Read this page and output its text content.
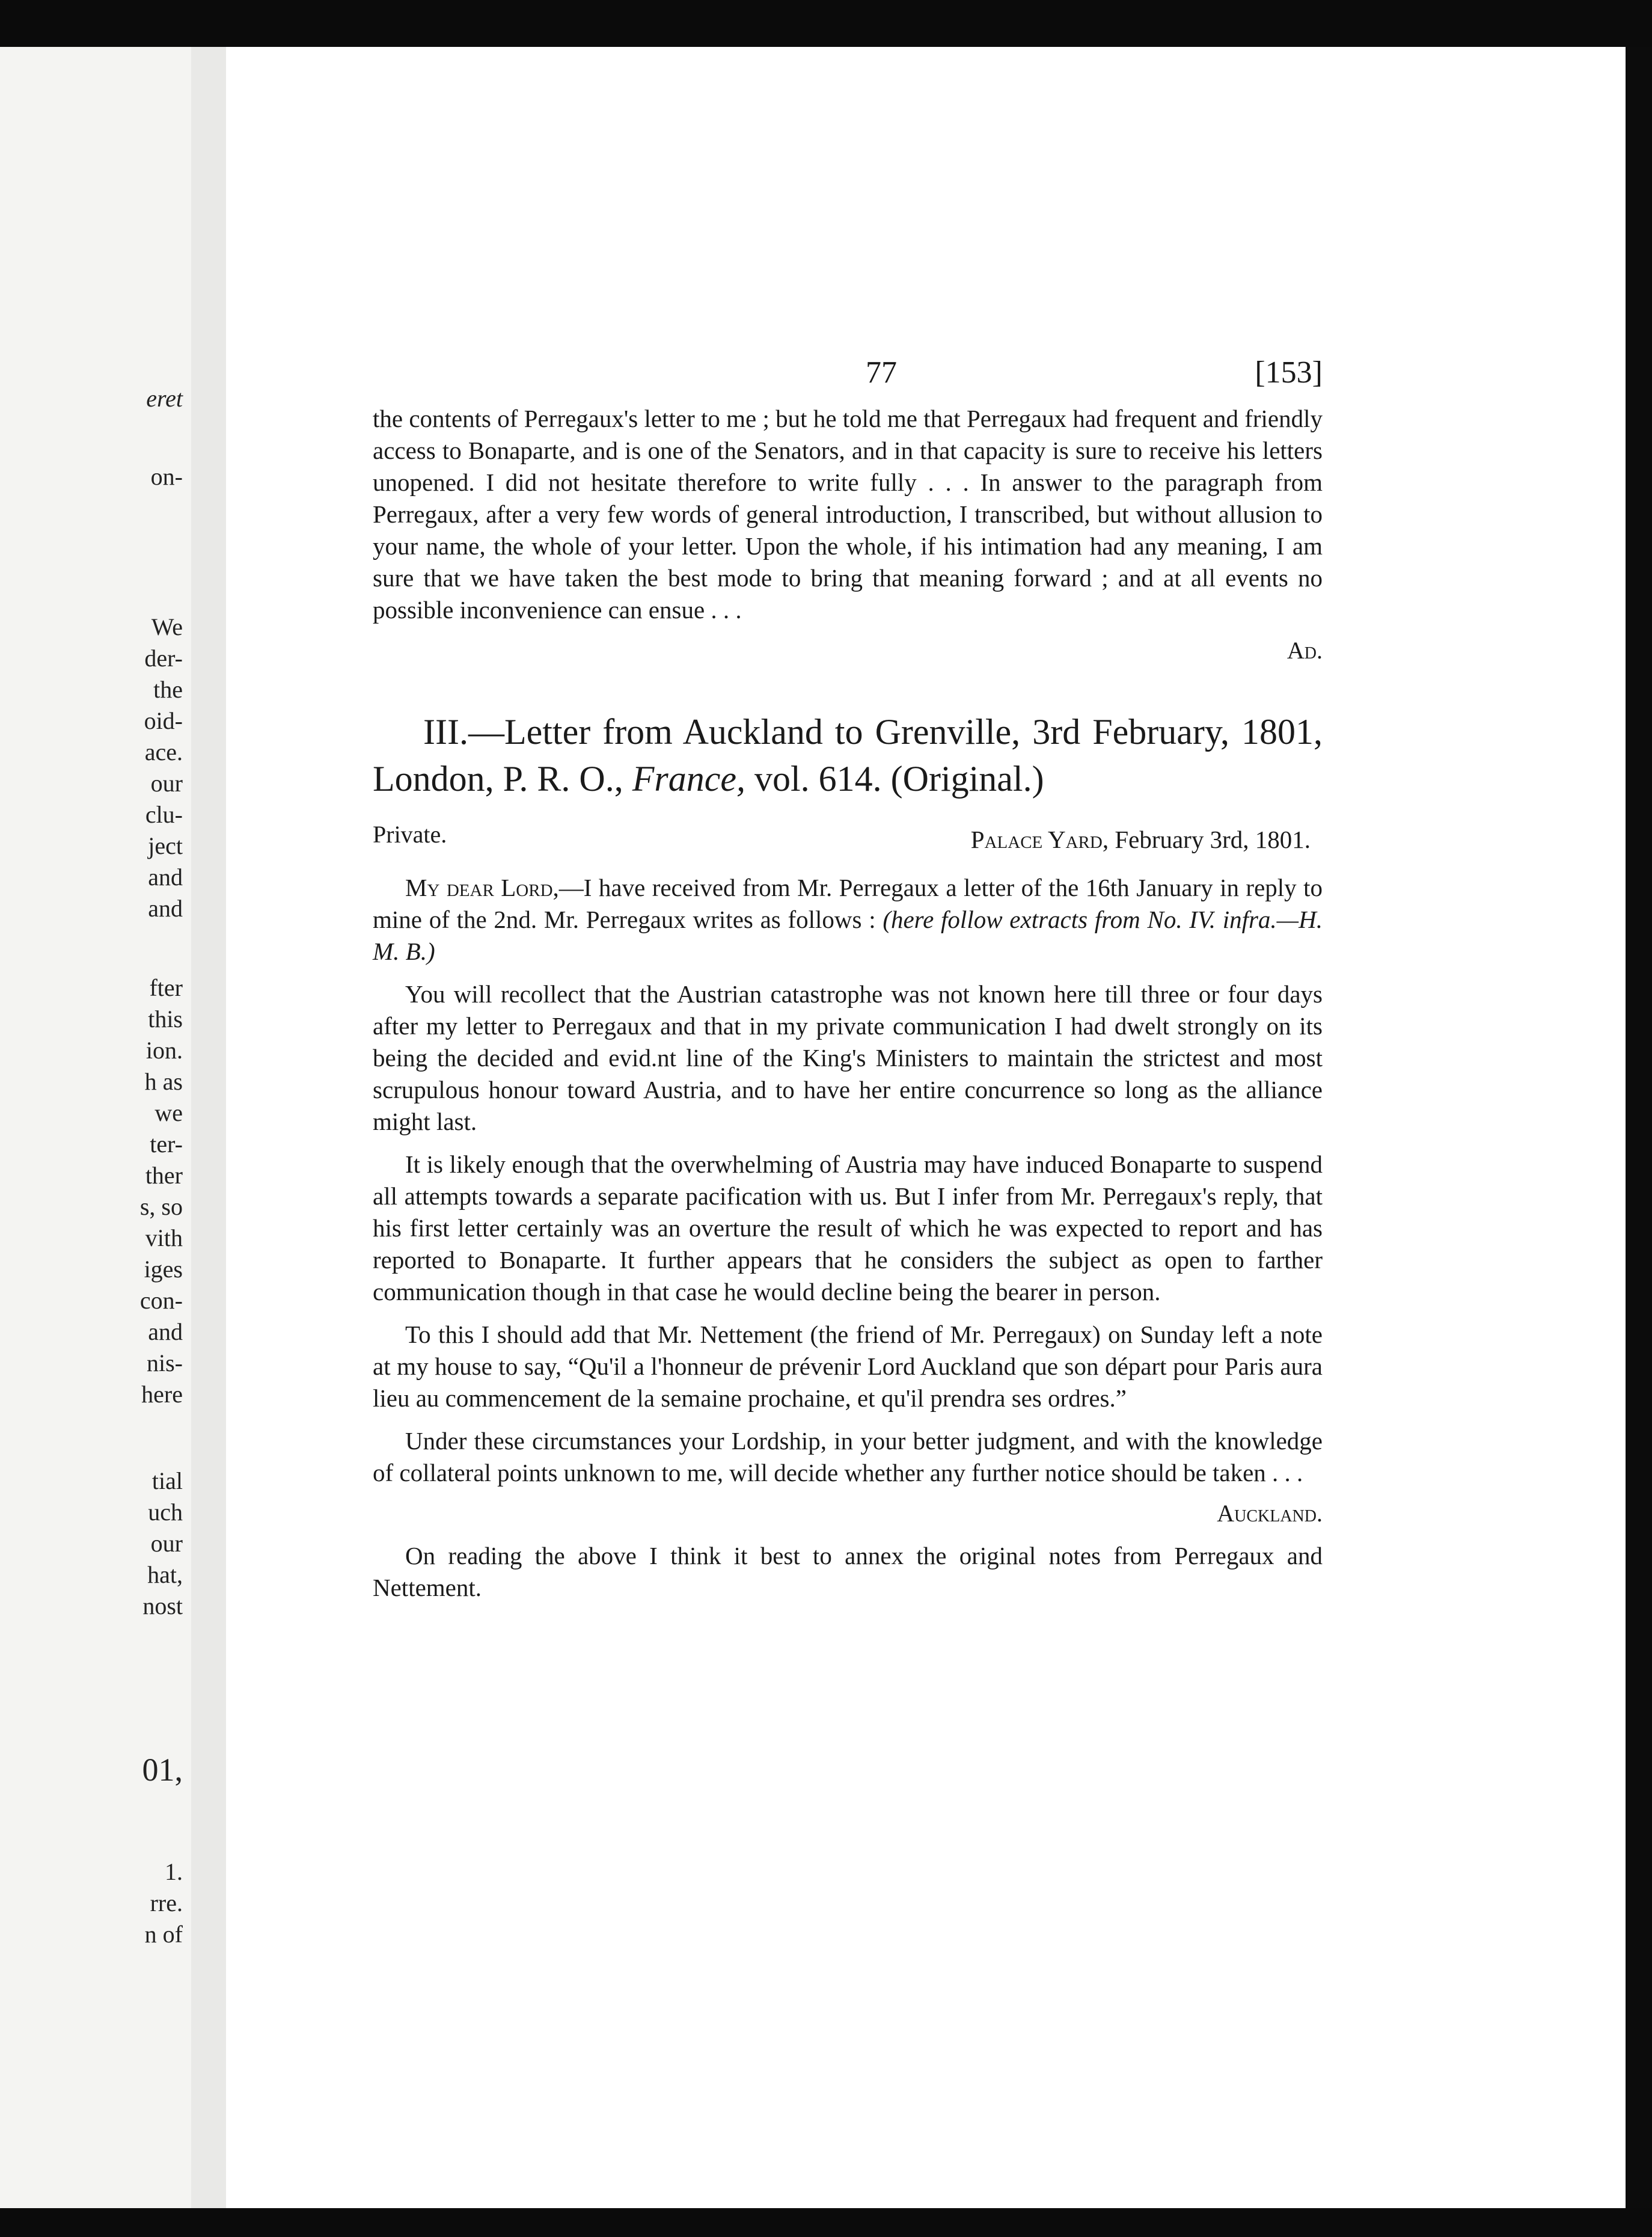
eret
on-
We
der-
the
oid-
ace.
our
clu-
ject
and
and
fter
this
ion.
h as
we
ter-
ther
s, so
vith
iges
con-
and
nis-
here
tial
uch
our
hat,
nost
01,
1.
rre.
n of
77	[153]

the contents of Perregaux's letter to me ; but he told me that Perregaux had frequent and friendly access to Bonaparte, and is one of the Senators, and in that capacity is sure to receive his letters unopened. I did not hesitate therefore to write fully . . . In answer to the paragraph from Perregaux, after a very few words of general introduction, I transcribed, but without allusion to your name, the whole of your letter. Upon the whole, if his intimation had any meaning, I am sure that we have taken the best mode to bring that meaning forward ; and at all events no possible inconvenience can ensue . . .

Ad.

III.—Letter from Auckland to Grenville, 3rd February, 1801, London, P. R. O., France, vol. 614. (Original.)
Private.	Palace Yard, February 3rd, 1801.

My dear Lord,—I have received from Mr. Perregaux a letter of the 16th January in reply to mine of the 2nd. Mr. Perregaux writes as follows : (here follow extracts from No. IV. infra.—H. M. B.)

You will recollect that the Austrian catastrophe was not known here till three or four days after my letter to Perregaux and that in my private communication I had dwelt strongly on its being the decided and evid.nt line of the King's Ministers to maintain the strictest and most scrupulous honour toward Austria, and to have her entire concurrence so long as the alliance might last.

It is likely enough that the overwhelming of Austria may have induced Bonaparte to suspend all attempts towards a separate pacification with us. But I infer from Mr. Perregaux's reply, that his first letter certainly was an overture the result of which he was expected to report and has reported to Bonaparte. It further appears that he considers the subject as open to farther communication though in that case he would decline being the bearer in person.

To this I should add that Mr. Nettement (the friend of Mr. Perregaux) on Sunday left a note at my house to say, “Qu'il a l'honneur de prévenir Lord Auckland que son départ pour Paris aura lieu au commencement de la semaine prochaine, et qu'il prendra ses ordres.”

Under these circumstances your Lordship, in your better judgment, and with the knowledge of collateral points unknown to me, will decide whether any further notice should be taken . . .

Auckland.

On reading the above I think it best to annex the original notes from Perregaux and Nettement.
